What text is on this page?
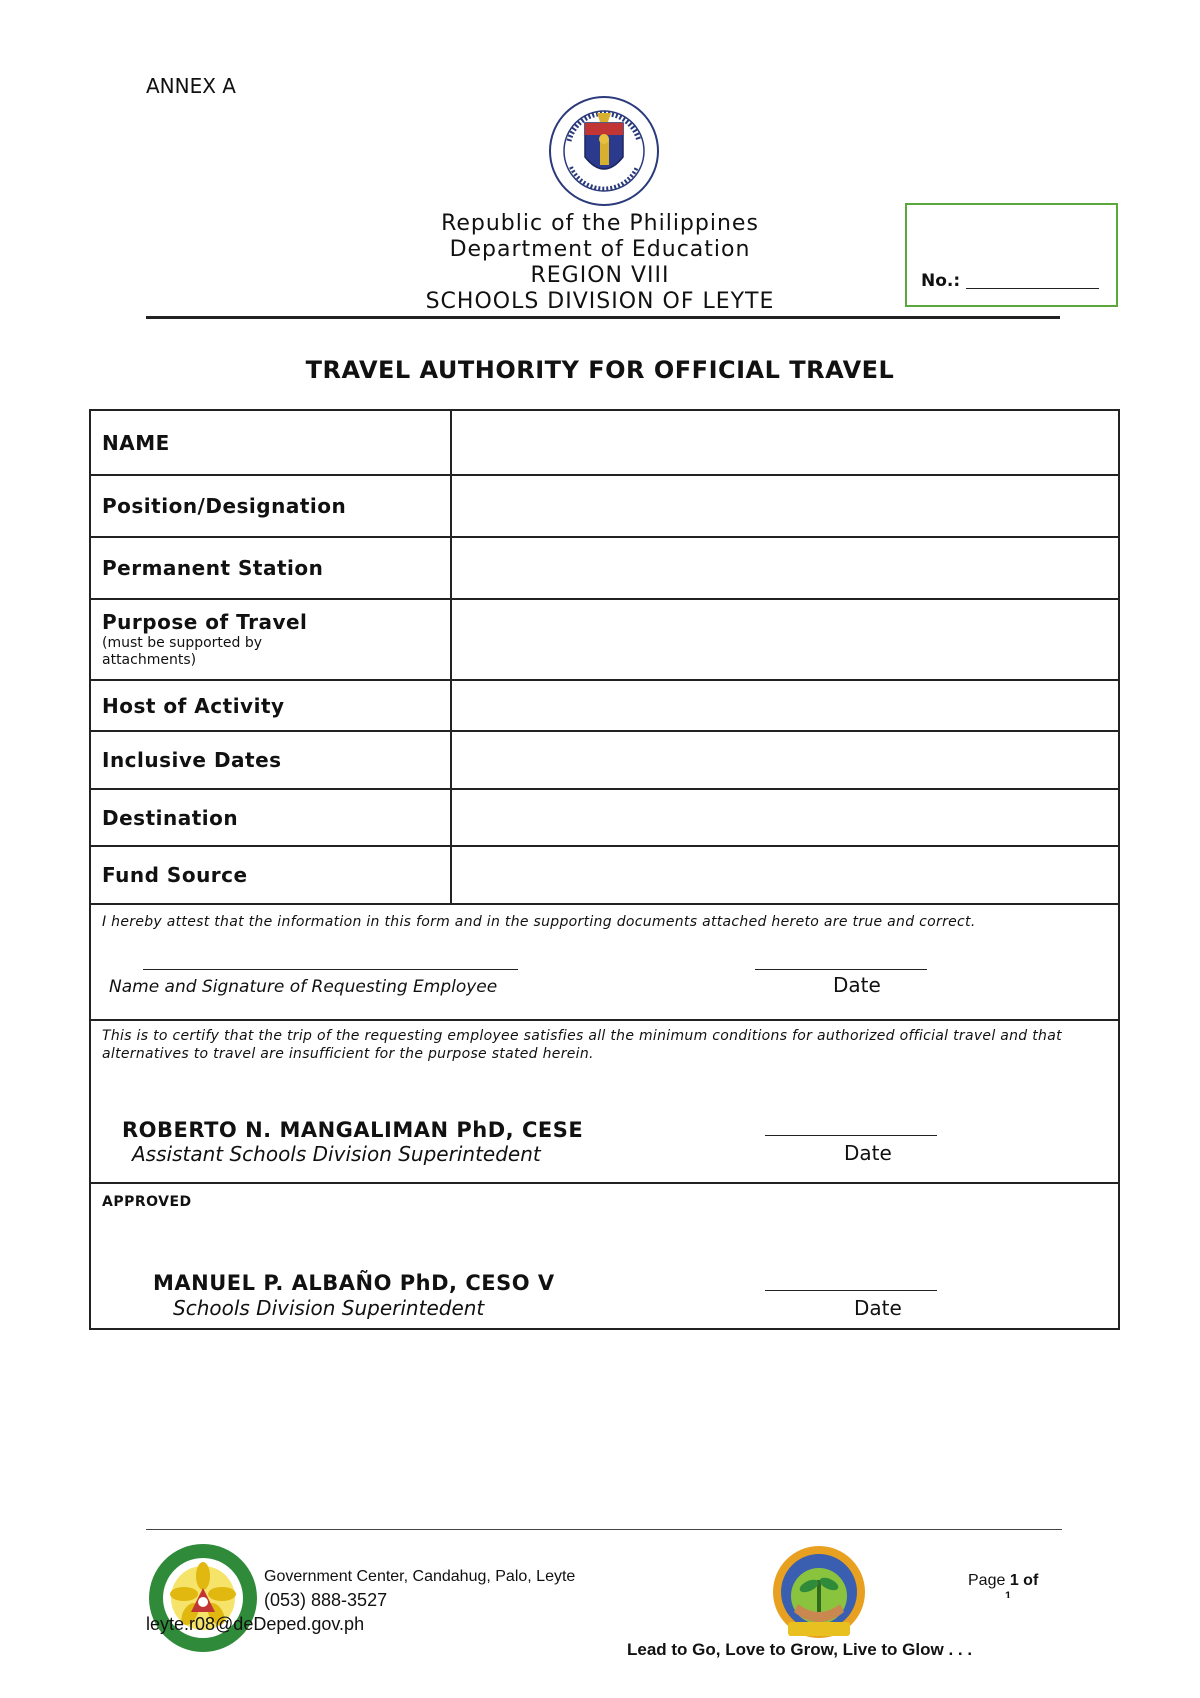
ANNEX A
Republic of the Philippines
Department of Education
REGION VIII
SCHOOLS DIVISION OF LEYTE
No.:
TRAVEL AUTHORITY FOR OFFICIAL TRAVEL
NAME
Position/Designation
Permanent Station
Purpose of Travel
(must be supported by attachments)
Host of Activity
Inclusive Dates
Destination
Fund Source
I hereby attest that the information in this form and in the supporting documents attached hereto are true and correct.
Name and Signature of Requesting Employee	Date
This is to certify that the trip of the requesting employee satisfies all the minimum conditions for authorized official travel and that alternatives to travel are insufficient for the purpose stated herein.
ROBERTO N. MANGALIMAN PhD, CESE
Assistant Schools Division Superintedent	Date
APPROVED
MANUEL P. ALBAÑO PhD, CESO V
Schools Division Superintedent	Date
Government Center, Candahug, Palo, Leyte
(053) 888-3527
leyte.r08@deDeped.gov.ph
Lead to Go, Love to Grow, Live to Glow . . .
Page 1 of
1
